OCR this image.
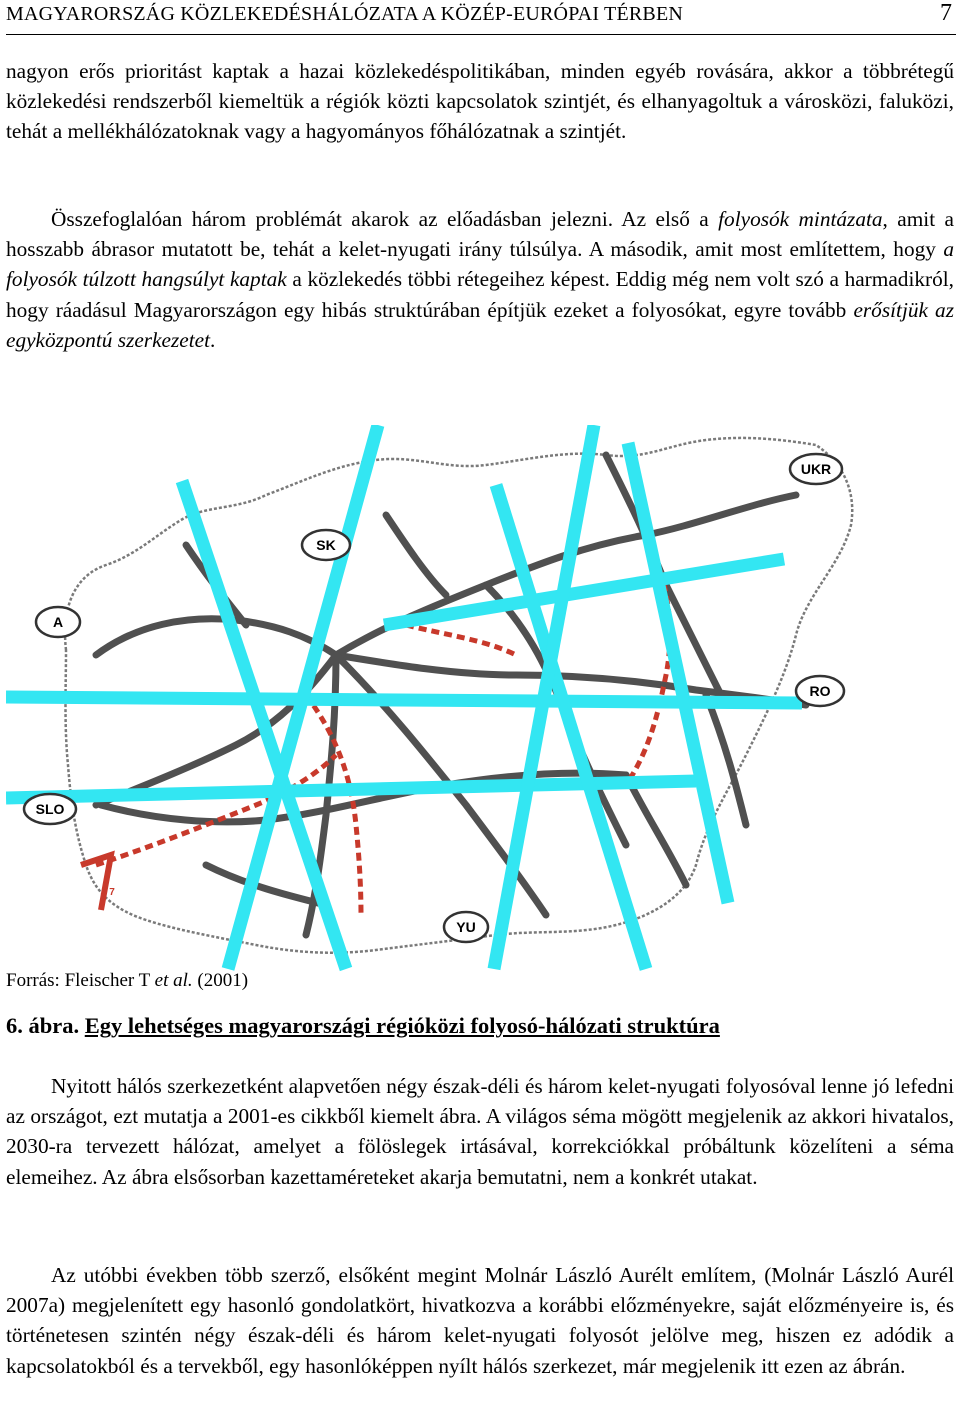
MAGYARORSZÁG KÖZLEKEDÉSHÁLÓZATA A KÖZÉP-EURÓPAI TÉRBEN	7

nagyon erős prioritást kaptak a hazai közlekedéspolitikában, minden egyéb rovására, akkor a többrétegű közlekedési rendszerből kiemeltük a régiók közti kapcsolatok szintjét, és elhanyagoltuk a városközi, faluközi, tehát a mellékhálózatoknak vagy a hagyományos főhálózatnak a szintjét.

Összefoglalóan három problémát akarok az előadásban jelezni. Az első a folyosók mintázata, amit a hosszabb ábrasor mutatott be, tehát a kelet-nyugati irány túlsúlya. A második, amit most említettem, hogy a folyosók túlzott hangsúlyt kaptak a közlekedés többi rétegeihez képest. Eddig még nem volt szó a harmadikról, hogy ráadásul Magyarországon egy hibás struktúrában építjük ezeket a folyosókat, egyre tovább erősítjük az egyközpontú szerkezetet.

SK
UKR
A
RO
SLO
7
YU
Forrás: Fleischer T et al. (2001)
6. ábra. Egy lehetséges magyarországi régióközi folyosó-hálózati struktúra

Nyitott hálós szerkezetként alapvetően négy észak-déli és három kelet-nyugati folyosóval lenne jó lefedni az országot, ezt mutatja a 2001-es cikkből kiemelt ábra. A világos séma mögött megjelenik az akkori hivatalos, 2030-ra tervezett hálózat, amelyet a fölöslegek irtásával, korrekciókkal próbáltunk közelíteni a séma elemeihez. Az ábra elsősorban kazettaméreteket akarja bemutatni, nem a konkrét utakat.

Az utóbbi években több szerző, elsőként megint Molnár László Aurélt említem, (Molnár László Aurél 2007a) megjelenített egy hasonló gondolatkört, hivatkozva a korábbi előzményekre, saját előzményeire is, és történetesen szintén négy észak-déli és három kelet-nyugati folyosót jelölve meg, hiszen ez adódik a kapcsolatokból és a tervekből, egy hasonlóképpen nyílt hálós szerkezet, már megjelenik itt ezen az ábrán.
